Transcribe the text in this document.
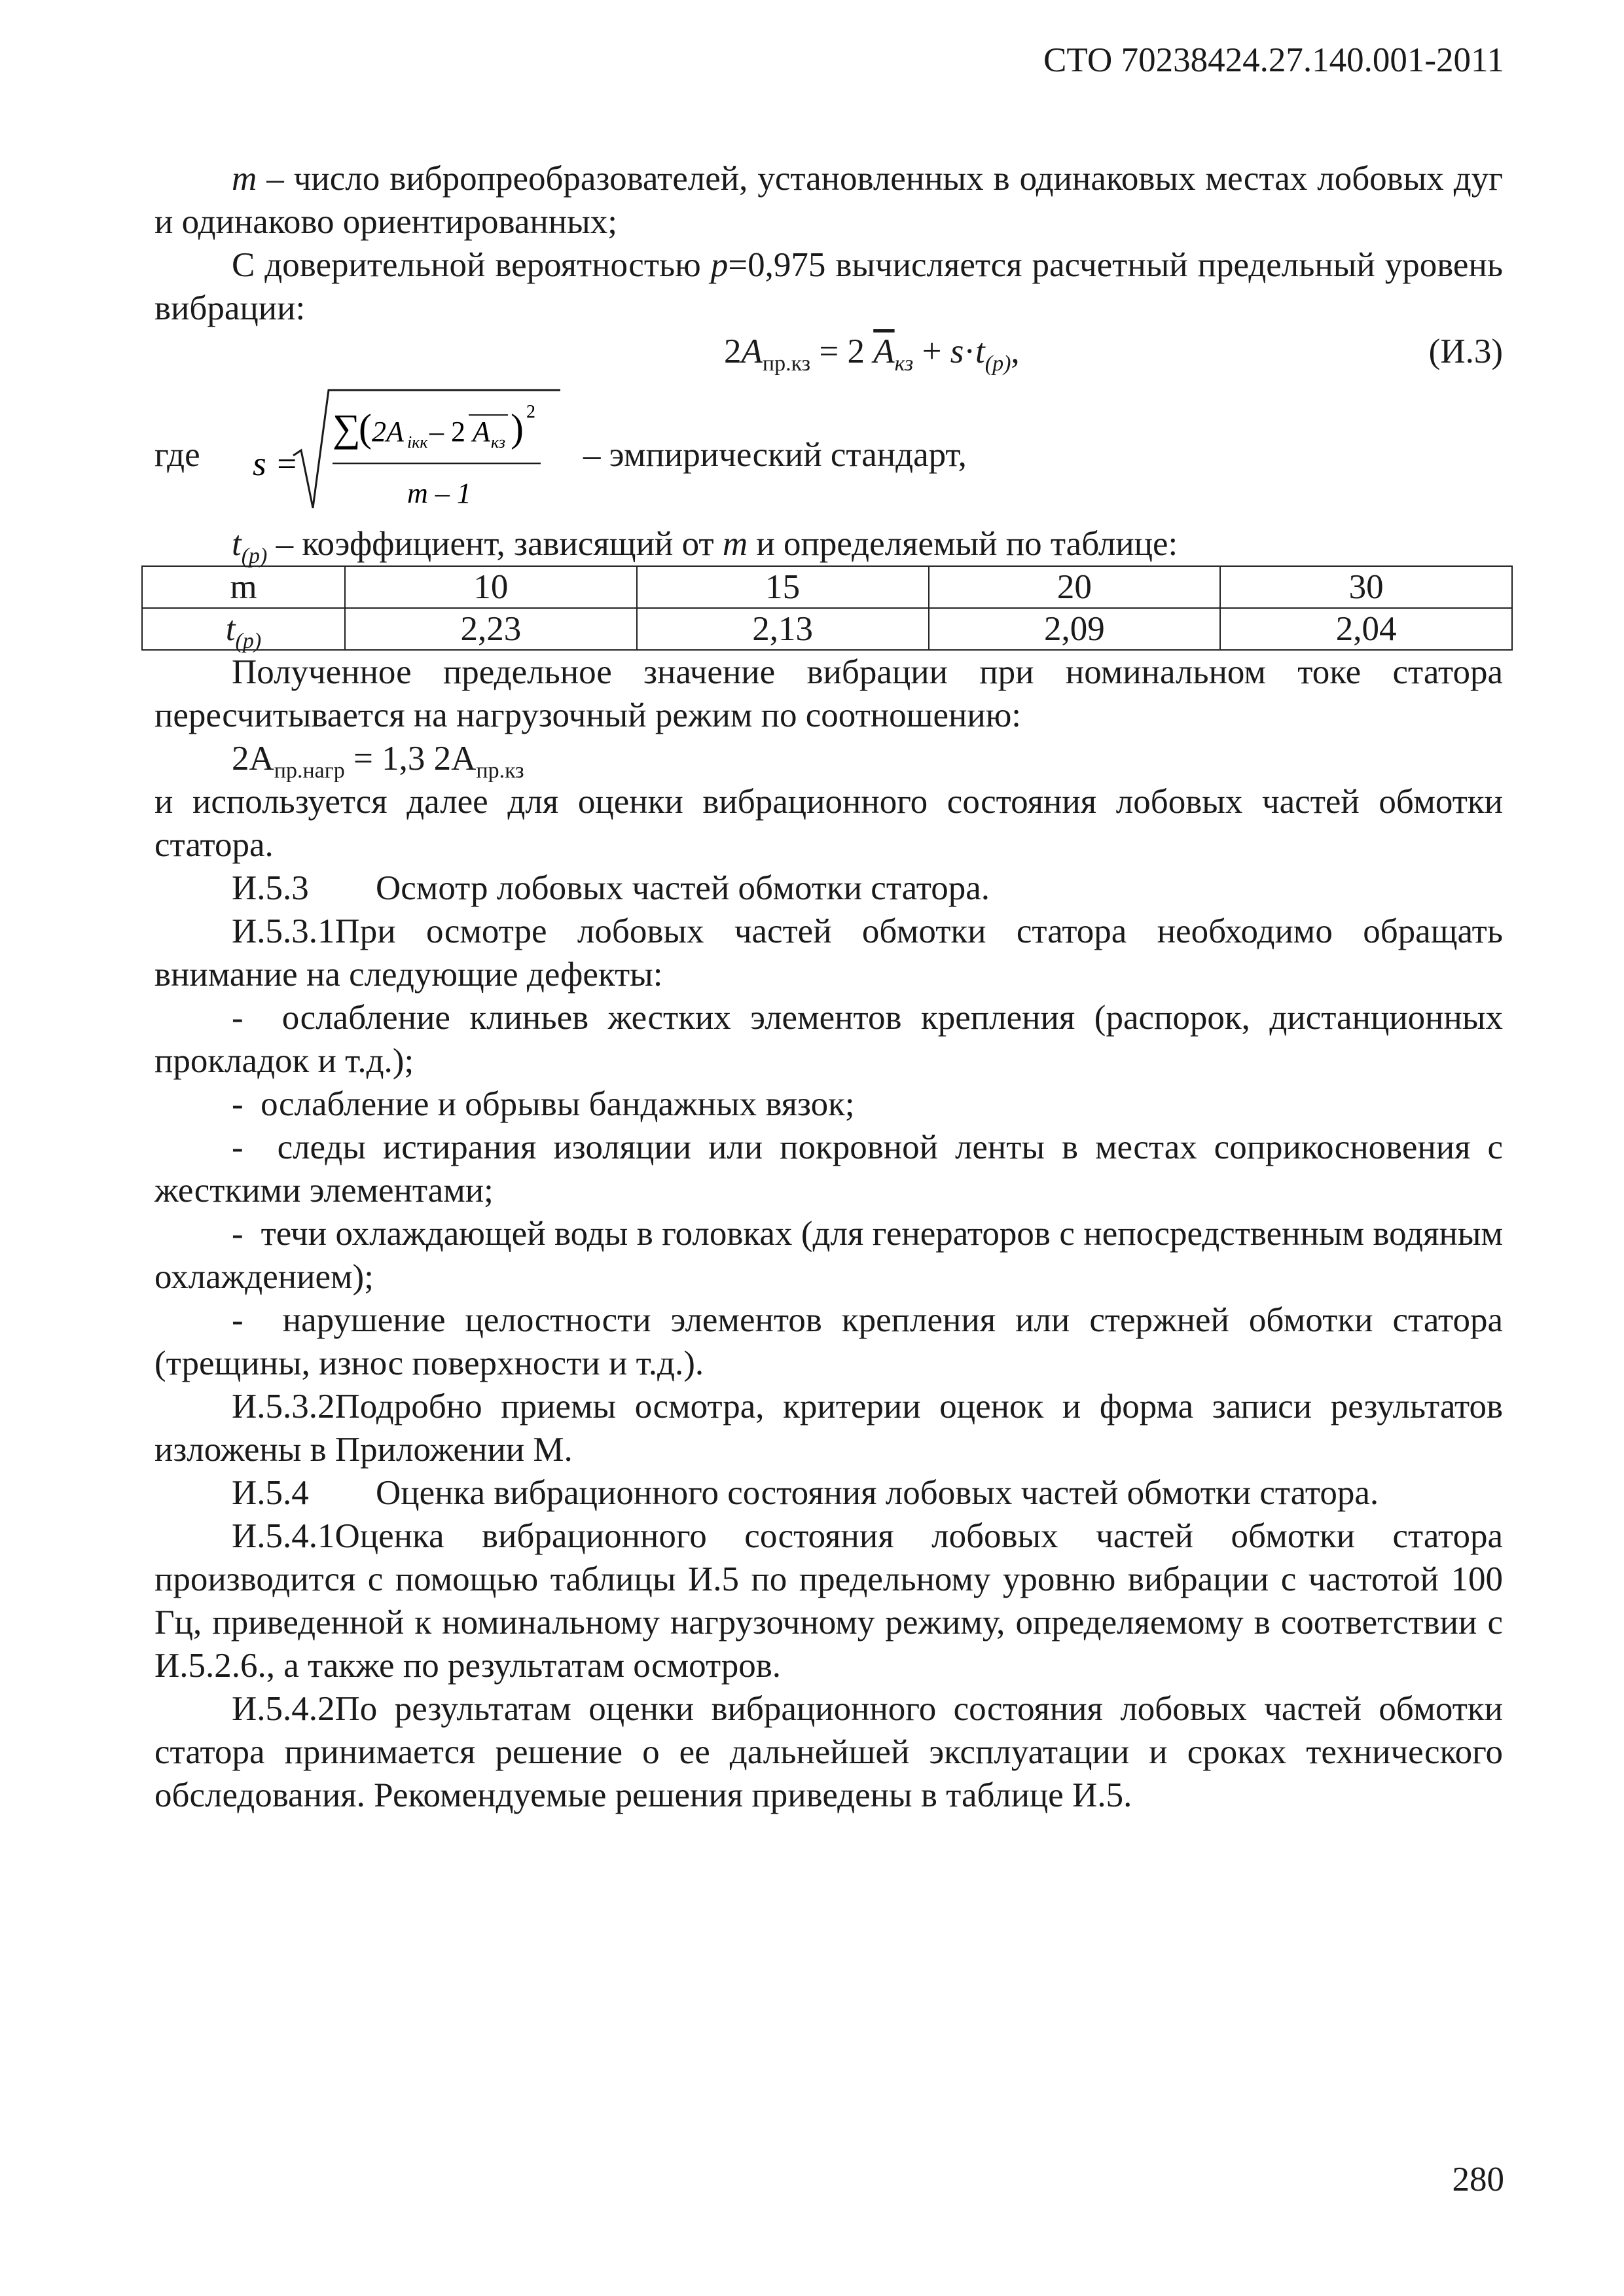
СТО 70238424.27.140.001-2011

m – число вибропреобразователей, установленных в одинаковых местах лобовых дуг и одинаково ориентированных;

С доверительной вероятностью p=0,975 вычисляется расчетный предельный уровень вибрации:

$2A_{пр.кз} = 2$ $\overline{A}_{кз} + s\cdot t_{(p)}$,	(И.3)
где s =
∑
( 2A iкк – 2 A кз ) 2
m – 1
– эмпирический стандарт,

$t_{(p)}$ – коэффициент, зависящий от m и определяемый по таблице:

m	10	15	20	30
$t_{(p)}$	2,23	2,13	2,09	2,04

Полученное предельное значение вибрации при номинальном токе статора пересчитывается на нагрузочный режим по соотношению:

$2A_{пр.нагр} = 1,3$ $2A_{пр.кз}$

и используется далее для оценки вибрационного состояния лобовых частей обмотки статора.

И.5.3	Осмотр лобовых частей обмотки статора.

И.5.3.1При осмотре лобовых частей обмотки статора необходимо обращать внимание на следующие дефекты:

- ослабление клиньев жестких элементов крепления (распорок, дистанционных прокладок и т.д.);

- ослабление и обрывы бандажных вязок;

- следы истирания изоляции или покровной ленты в местах соприкосновения с жесткими элементами;

- течи охлаждающей воды в головках (для генераторов с непосредственным водяным охлаждением);

- нарушение целостности элементов крепления или стержней обмотки статора (трещины, износ поверхности и т.д.).

И.5.3.2Подробно приемы осмотра, критерии оценок и форма записи результатов изложены в Приложении М.

И.5.4	Оценка вибрационного состояния лобовых частей обмотки статора.

И.5.4.1Оценка вибрационного состояния лобовых частей обмотки статора производится с помощью таблицы И.5 по предельному уровню вибрации с частотой 100 Гц, приведенной к номинальному нагрузочному режиму, определяемому в соответствии с И.5.2.6., а также по результатам осмотров.

И.5.4.2По результатам оценки вибрационного состояния лобовых частей обмотки статора принимается решение о ее дальнейшей эксплуатации и сроках технического обследования. Рекомендуемые решения приведены в таблице И.5.

280
